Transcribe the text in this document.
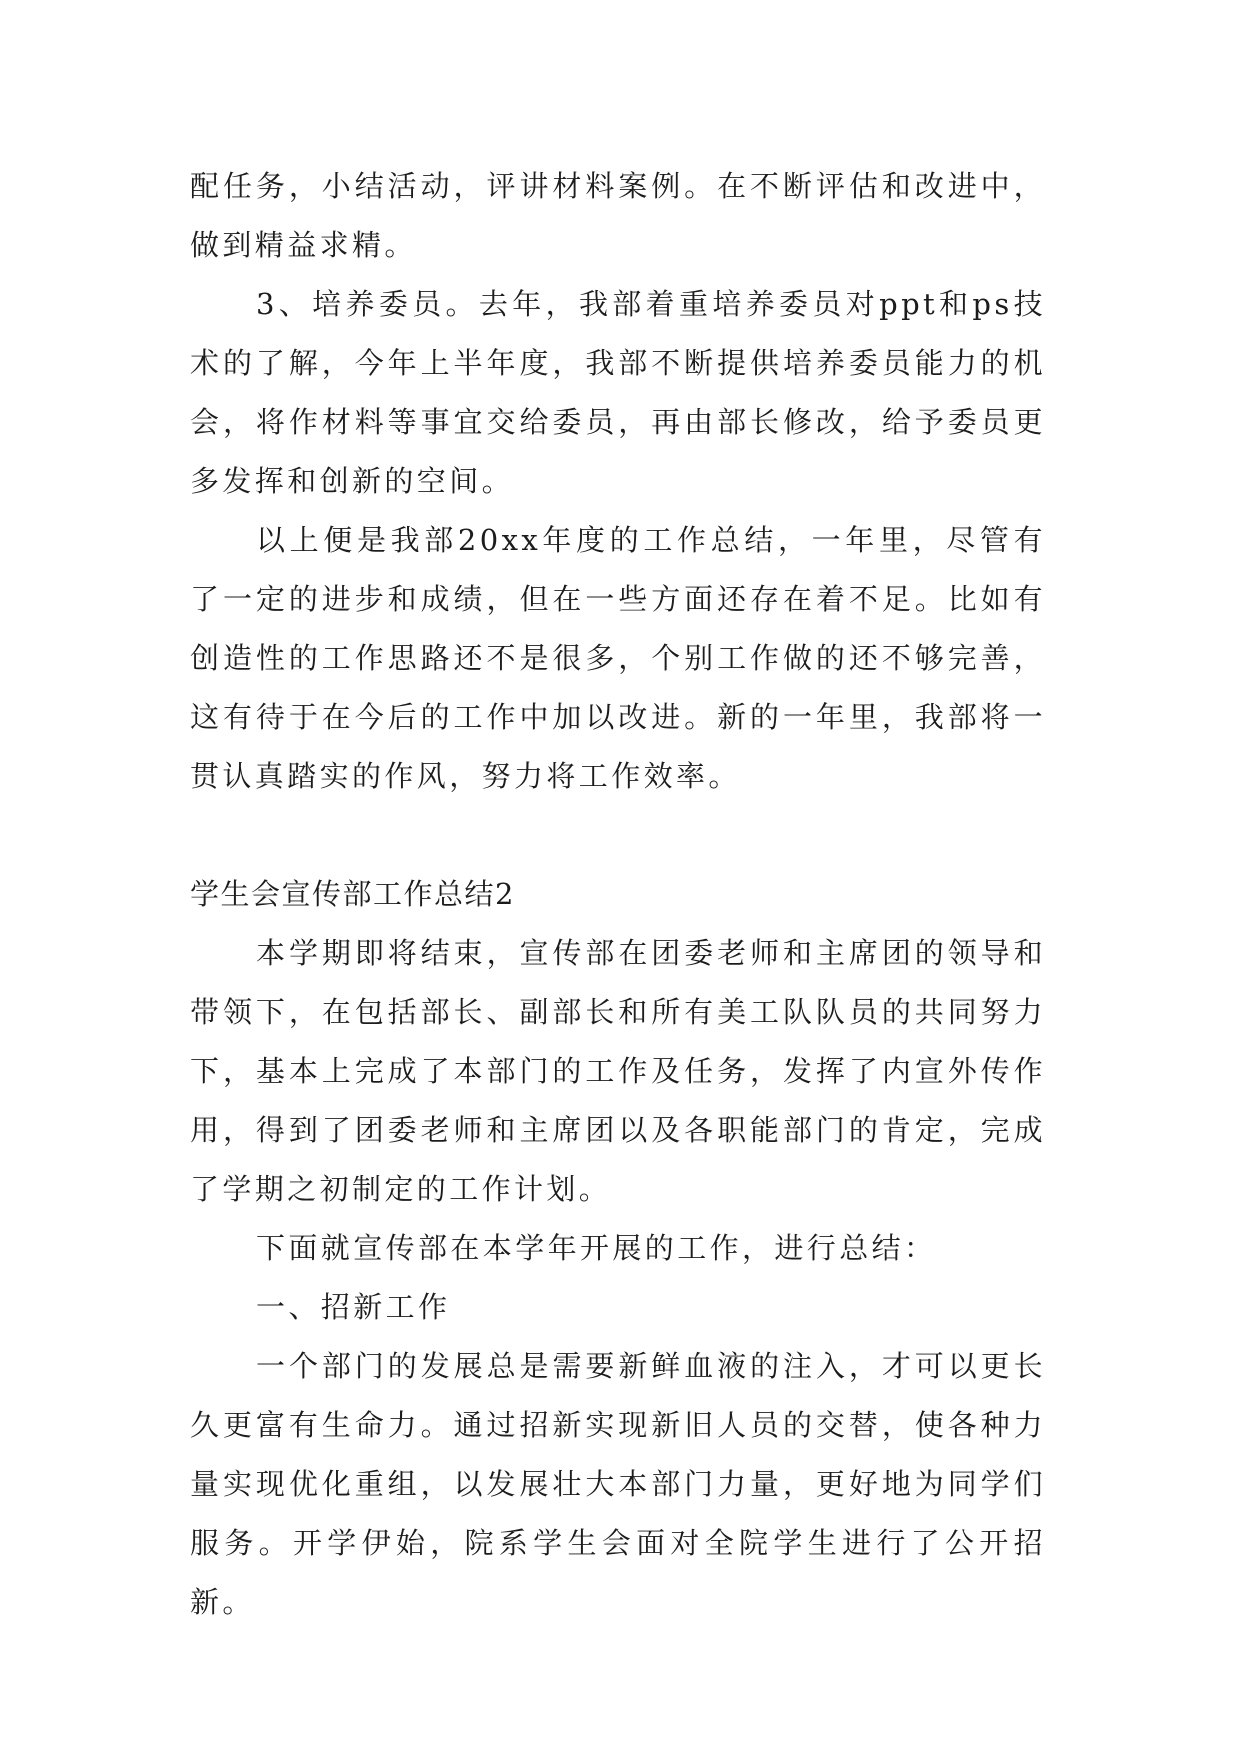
配任务，小结活动，评讲材料案例。在不断评估和改进中，做到精益求精。

3、培养委员。去年，我部着重培养委员对ppt和ps技术的了解，今年上半年度，我部不断提供培养委员能力的机会，将作材料等事宜交给委员，再由部长修改，给予委员更多发挥和创新的空间。

以上便是我部20xx年度的工作总结，一年里，尽管有了一定的进步和成绩，但在一些方面还存在着不足。比如有创造性的工作思路还不是很多，个别工作做的还不够完善，这有待于在今后的工作中加以改进。新的一年里，我部将一贯认真踏实的作风，努力将工作效率。

学生会宣传部工作总结2

本学期即将结束，宣传部在团委老师和主席团的领导和带领下，在包括部长、副部长和所有美工队队员的共同努力下，基本上完成了本部门的工作及任务，发挥了内宣外传作用，得到了团委老师和主席团以及各职能部门的肯定，完成了学期之初制定的工作计划。

下面就宣传部在本学年开展的工作，进行总结：

一、招新工作

一个部门的发展总是需要新鲜血液的注入，才可以更长久更富有生命力。通过招新实现新旧人员的交替，使各种力量实现优化重组，以发展壮大本部门力量，更好地为同学们服务。开学伊始，院系学生会面对全院学生进行了公开招新。
